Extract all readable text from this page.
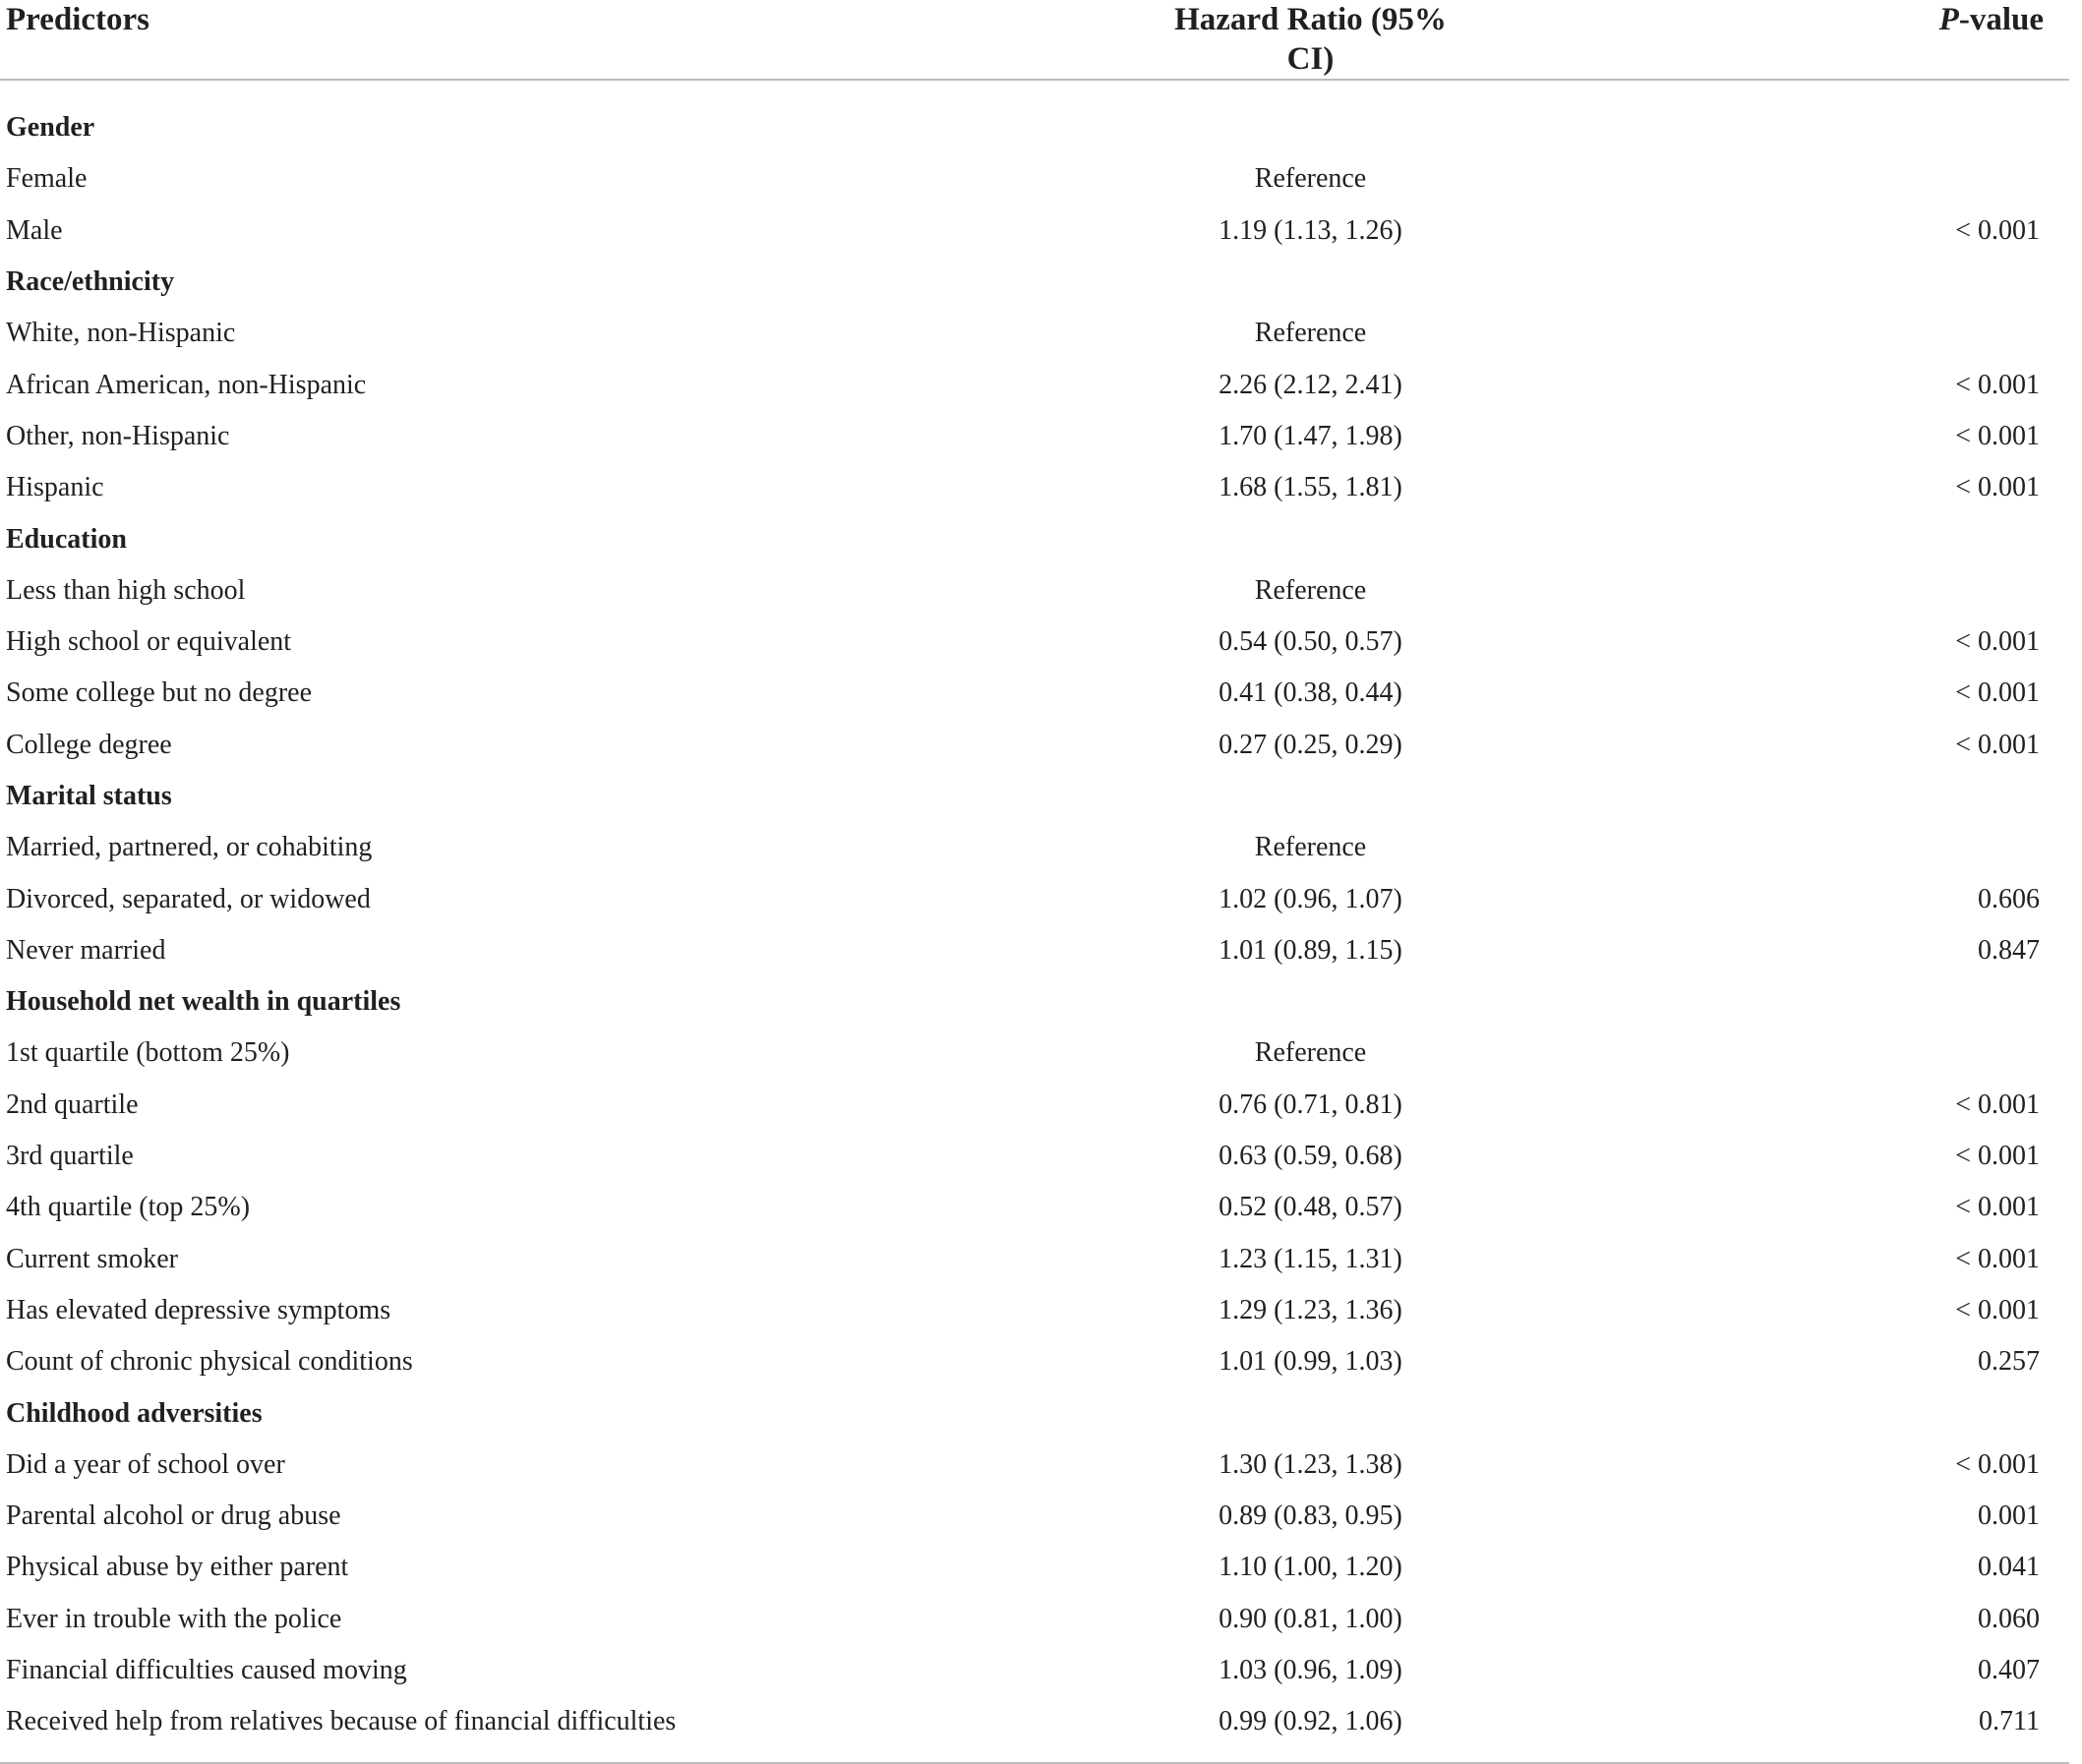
Predictors	Hazard Ratio (95% CI)	P-value
Gender		
Female	Reference	
Male	1.19 (1.13, 1.26)	< 0.001
Race/ethnicity		
White, non-Hispanic	Reference	
African American, non-Hispanic	2.26 (2.12, 2.41)	< 0.001
Other, non-Hispanic	1.70 (1.47, 1.98)	< 0.001
Hispanic	1.68 (1.55, 1.81)	< 0.001
Education		
Less than high school	Reference	
High school or equivalent	0.54 (0.50, 0.57)	< 0.001
Some college but no degree	0.41 (0.38, 0.44)	< 0.001
College degree	0.27 (0.25, 0.29)	< 0.001
Marital status		
Married, partnered, or cohabiting	Reference	
Divorced, separated, or widowed	1.02 (0.96, 1.07)	0.606
Never married	1.01 (0.89, 1.15)	0.847
Household net wealth in quartiles		
1st quartile (bottom 25%)	Reference	
2nd quartile	0.76 (0.71, 0.81)	< 0.001
3rd quartile	0.63 (0.59, 0.68)	< 0.001
4th quartile (top 25%)	0.52 (0.48, 0.57)	< 0.001
Current smoker	1.23 (1.15, 1.31)	< 0.001
Has elevated depressive symptoms	1.29 (1.23, 1.36)	< 0.001
Count of chronic physical conditions	1.01 (0.99, 1.03)	0.257
Childhood adversities		
Did a year of school over	1.30 (1.23, 1.38)	< 0.001
Parental alcohol or drug abuse	0.89 (0.83, 0.95)	0.001
Physical abuse by either parent	1.10 (1.00, 1.20)	0.041
Ever in trouble with the police	0.90 (0.81, 1.00)	0.060
Financial difficulties caused moving	1.03 (0.96, 1.09)	0.407
Received help from relatives because of financial difficulties	0.99 (0.92, 1.06)	0.711
